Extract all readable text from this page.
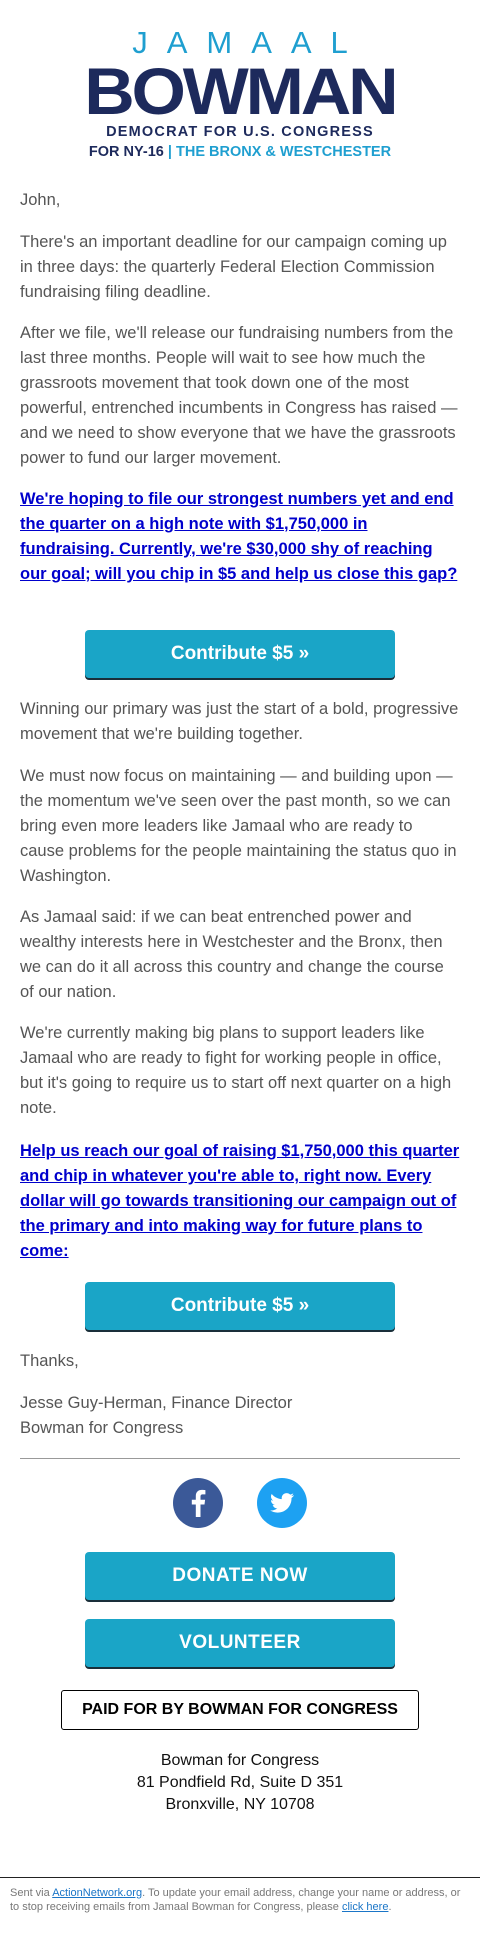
JAMAAL
BOWMAN
DEMOCRAT FOR U.S. CONGRESS
FOR NY-16 | THE BRONX & WESTCHESTER

John,

There's an important deadline for our campaign coming up in three days: the quarterly Federal Election Commission fundraising filing deadline.

After we file, we'll release our fundraising numbers from the last three months. People will wait to see how much the grassroots movement that took down one of the most powerful, entrenched incumbents in Congress has raised — and we need to show everyone that we have the grassroots power to fund our larger movement.

We're hoping to file our strongest numbers yet and end the quarter on a high note with $1,750,000 in fundraising. Currently, we're $30,000 shy of reaching our goal; will you chip in $5 and help us close this gap?

Contribute $5 »

Winning our primary was just the start of a bold, progressive movement that we're building together.

We must now focus on maintaining — and building upon — the momentum we've seen over the past month, so we can bring even more leaders like Jamaal who are ready to cause problems for the people maintaining the status quo in Washington.

As Jamaal said: if we can beat entrenched power and wealthy interests here in Westchester and the Bronx, then we can do it all across this country and change the course of our nation.

We're currently making big plans to support leaders like Jamaal who are ready to fight for working people in office, but it's going to require us to start off next quarter on a high note.

Help us reach our goal of raising $1,750,000 this quarter and chip in whatever you're able to, right now. Every dollar will go towards transitioning our campaign out of the primary and into making way for future plans to come:

Contribute $5 »

Thanks,

Jesse Guy-Herman, Finance Director

Bowman for Congress

DONATE NOW
VOLUNTEER
PAID FOR BY BOWMAN FOR CONGRESS
Bowman for Congress
81 Pondfield Rd, Suite D 351
Bronxville, NY 10708
Sent via ActionNetwork.org. To update your email address, change your name or address, or to stop receiving emails from Jamaal Bowman for Congress, please click here.
